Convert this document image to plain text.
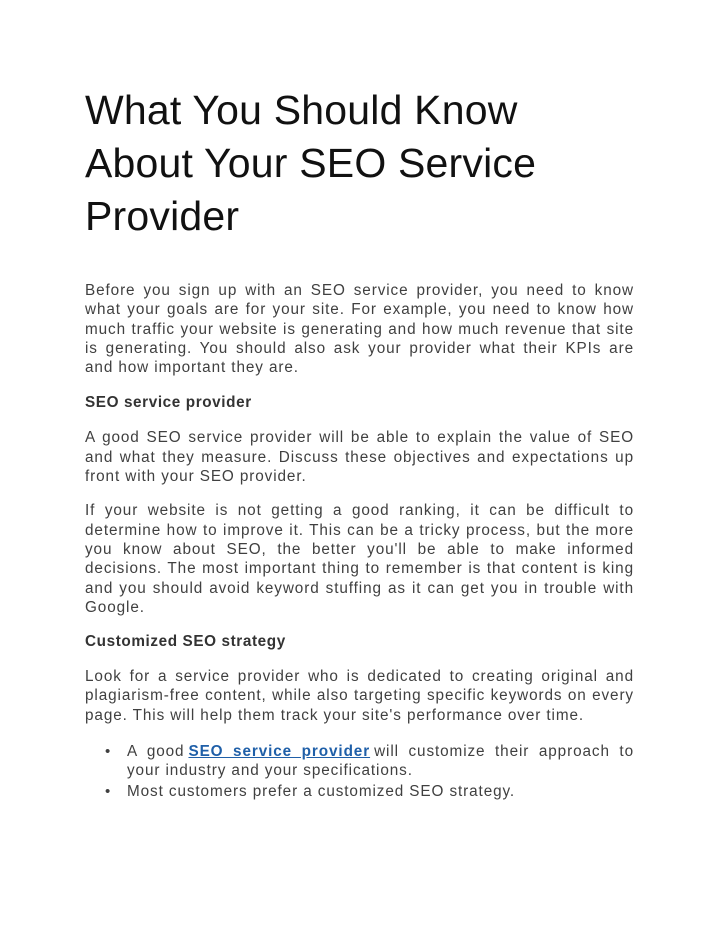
What You Should Know About Your SEO Service Provider

Before you sign up with an SEO service provider, you need to know what your goals are for your site. For example, you need to know how much traffic your website is generating and how much revenue that site is generating. You should also ask your provider what their KPIs are and how important they are.

SEO service provider

A good SEO service provider will be able to explain the value of SEO and what they measure. Discuss these objectives and expectations up front with your SEO provider.

If your website is not getting a good ranking, it can be difficult to determine how to improve it. This can be a tricky process, but the more you know about SEO, the better you'll be able to make informed decisions. The most important thing to remember is that content is king and you should avoid keyword stuffing as it can get you in trouble with Google.

Customized SEO strategy

Look for a service provider who is dedicated to creating original and plagiarism-free content, while also targeting specific keywords on every page. This will help them track your site's performance over time.

• A good SEO service provider will customize their approach to your industry and your specifications.
• Most customers prefer a customized SEO strategy.
